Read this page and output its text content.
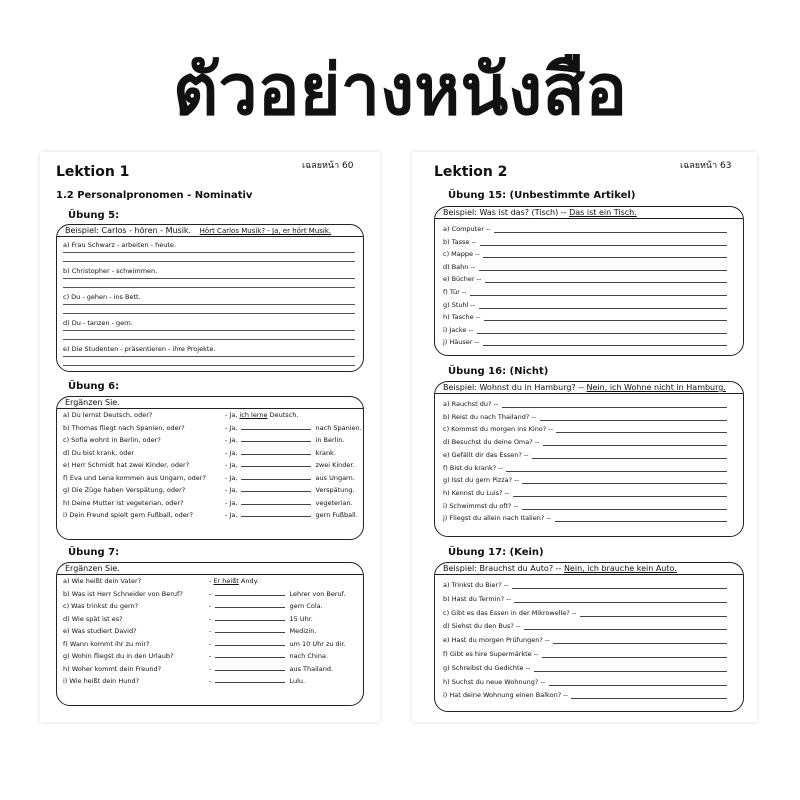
ตัวอย่างหนังสือ
Lektion 1	เฉลยหน้า 60
1.2 Personalpronomen - Nominativ
Übung 5:
Beispiel: Carlos - hören - Musik. Hört Carlos Musik? - Ja, er hört Musik.
a) Frau Schwarz - arbeiten - heute.
b) Christopher - schwimmen.
c) Du - gehen - ins Bett.
d) Du - tanzen - gern.
e) Die Studenten - präsentieren - ihre Projekte.
Übung 6:
Ergänzen Sie.
a) Du lernst Deutsch, oder?	- Ja, ich lerne Deutsch.
b) Thomas fliegt nach Spanien, oder?	- Ja,	nach Spanien.
c) Sofia wohnt in Berlin, oder?	- Ja,	in Berlin.
d) Du bist krank, oder	- Ja,	krank.
e) Herr Schmidt hat zwei Kinder, oder?	- Ja,	zwei Kinder.
f) Eva und Lena kommen aus Ungarn, oder?	- Ja,	aus Ungarn.
g) Die Züge haben Verspätung, oder?	- Ja,	Verspätung.
h) Deine Mutter ist vegeterian, oder?	- Ja,	vegeterian.
i) Dein Freund spielt gern Fußball, oder?	- Ja,	gern Fußball.
Übung 7:
Ergänzen Sie.
a) Wie heißt dein Vater?	- Er heißt Andy.
b) Was ist Herr Schneider von Beruf?	-	Lehrer von Beruf.
c) Was trinkst du gern?	-	gern Cola.
d) Wie spät ist es?	-	15 Uhr.
e) Was studiert David?	-	Medizin.
f) Wann kommt ihr zu mir?	-	um 10 Uhr zu dir.
g) Wohin fliegst du in den Urlaub?	-	nach China.
h) Woher kommt dein Freund?	-	aus Thailand.
i) Wie heißt dein Hund?	-	Lulu.
Lektion 2	เฉลยหน้า 63
Übung 15: (Unbestimmte Artikel)
Beispiel: Was ist das? (Tisch) -- Das ist ein Tisch.
a) Computer --
b) Tasse --
c) Mappe --
d) Bahn --
e) Bücher --
f) Tür --
g) Stuhl --
h) Tasche --
i) Jacke --
j) Häuser --
Übung 16: (Nicht)
Beispiel: Wohnst du in Hamburg? -- Nein, ich Wohne nicht in Hamburg.
a) Rauchst du? --
b) Reist du nach Thailand? --
c) Kommst du morgen ins Kino? --
d) Besuchst du deine Oma? --
e) Gefällt dir das Essen? --
f) Bist du krank? --
g) Isst du gern Pizza? --
h) Kennst du Luis? --
i) Schwimmst du oft? --
j) Fliegst du allein nach Italien? --
Übung 17: (Kein)
Beispiel: Brauchst du Auto? -- Nein, ich brauche kein Auto.
a) Trinkst du Bier? --
b) Hast du Termin? --
c) Gibt es das Essen in der Mikrowelle? --
d) Siehst du den Bus? --
e) Hast du morgen Prüfungen? --
f) Gibt es hire Supermärkte --
g) Schreibst du Gedichte --
h) Suchst du neue Wohnung? --
i) Hat deine Wohnung einen Balkon? --
